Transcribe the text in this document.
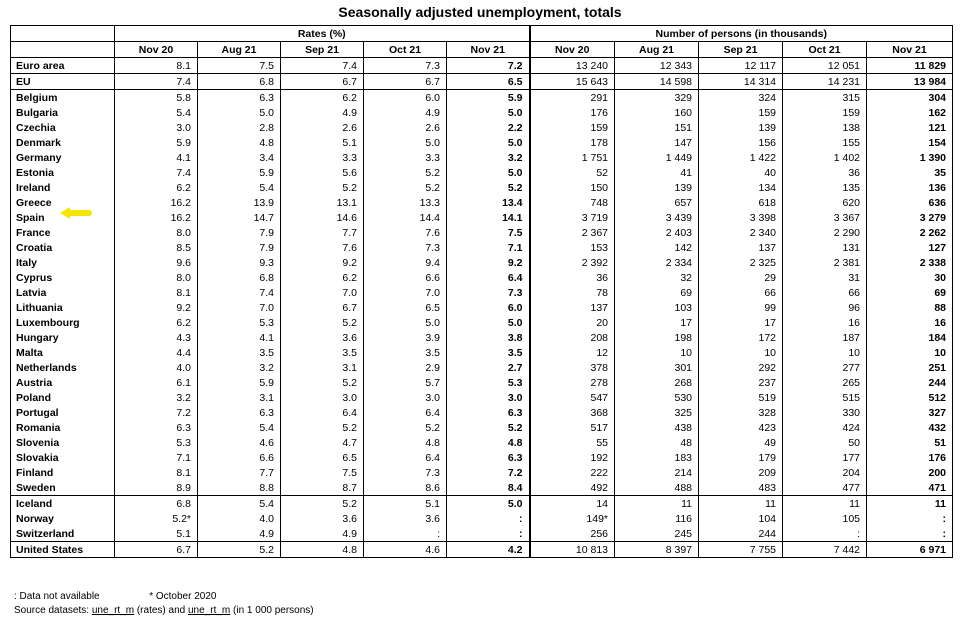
Seasonally adjusted unemployment, totals
	Rates (%)					Number of persons (in thousands)				
	Nov 20	Aug 21	Sep 21	Oct 21	Nov 21	Nov 20	Aug 21	Sep 21	Oct 21	Nov 21
Euro area	8.1	7.5	7.4	7.3	7.2	13 240	12 343	12 117	12 051	11 829
EU	7.4	6.8	6.7	6.7	6.5	15 643	14 598	14 314	14 231	13 984
Belgium	5.8	6.3	6.2	6.0	5.9	291	329	324	315	304
Bulgaria	5.4	5.0	4.9	4.9	5.0	176	160	159	159	162
Czechia	3.0	2.8	2.6	2.6	2.2	159	151	139	138	121
Denmark	5.9	4.8	5.1	5.0	5.0	178	147	156	155	154
Germany	4.1	3.4	3.3	3.3	3.2	1 751	1 449	1 422	1 402	1 390
Estonia	7.4	5.9	5.6	5.2	5.0	52	41	40	36	35
Ireland	6.2	5.4	5.2	5.2	5.2	150	139	134	135	136
Greece	16.2	13.9	13.1	13.3	13.4	748	657	618	620	636
Spain	16.2	14.7	14.6	14.4	14.1	3 719	3 439	3 398	3 367	3 279
France	8.0	7.9	7.7	7.6	7.5	2 367	2 403	2 340	2 290	2 262
Croatia	8.5	7.9	7.6	7.3	7.1	153	142	137	131	127
Italy	9.6	9.3	9.2	9.4	9.2	2 392	2 334	2 325	2 381	2 338
Cyprus	8.0	6.8	6.2	6.6	6.4	36	32	29	31	30
Latvia	8.1	7.4	7.0	7.0	7.3	78	69	66	66	69
Lithuania	9.2	7.0	6.7	6.5	6.0	137	103	99	96	88
Luxembourg	6.2	5.3	5.2	5.0	5.0	20	17	17	16	16
Hungary	4.3	4.1	3.6	3.9	3.8	208	198	172	187	184
Malta	4.4	3.5	3.5	3.5	3.5	12	10	10	10	10
Netherlands	4.0	3.2	3.1	2.9	2.7	378	301	292	277	251
Austria	6.1	5.9	5.2	5.7	5.3	278	268	237	265	244
Poland	3.2	3.1	3.0	3.0	3.0	547	530	519	515	512
Portugal	7.2	6.3	6.4	6.4	6.3	368	325	328	330	327
Romania	6.3	5.4	5.2	5.2	5.2	517	438	423	424	432
Slovenia	5.3	4.6	4.7	4.8	4.8	55	48	49	50	51
Slovakia	7.1	6.6	6.5	6.4	6.3	192	183	179	177	176
Finland	8.1	7.7	7.5	7.3	7.2	222	214	209	204	200
Sweden	8.9	8.8	8.7	8.6	8.4	492	488	483	477	471
Iceland	6.8	5.4	5.2	5.1	5.0	14	11	11	11	11
Norway	5.2*	4.0	3.6	3.6	:	149*	116	104	105	:
Switzerland	5.1	4.9	4.9	:	:	256	245	244	:	:
United States	6.7	5.2	4.8	4.6	4.2	10 813	8 397	7 755	7 442	6 971
: Data not available	* October 2020
Source datasets: une_rt_m (rates) and une_rt_m (in 1 000 persons)
